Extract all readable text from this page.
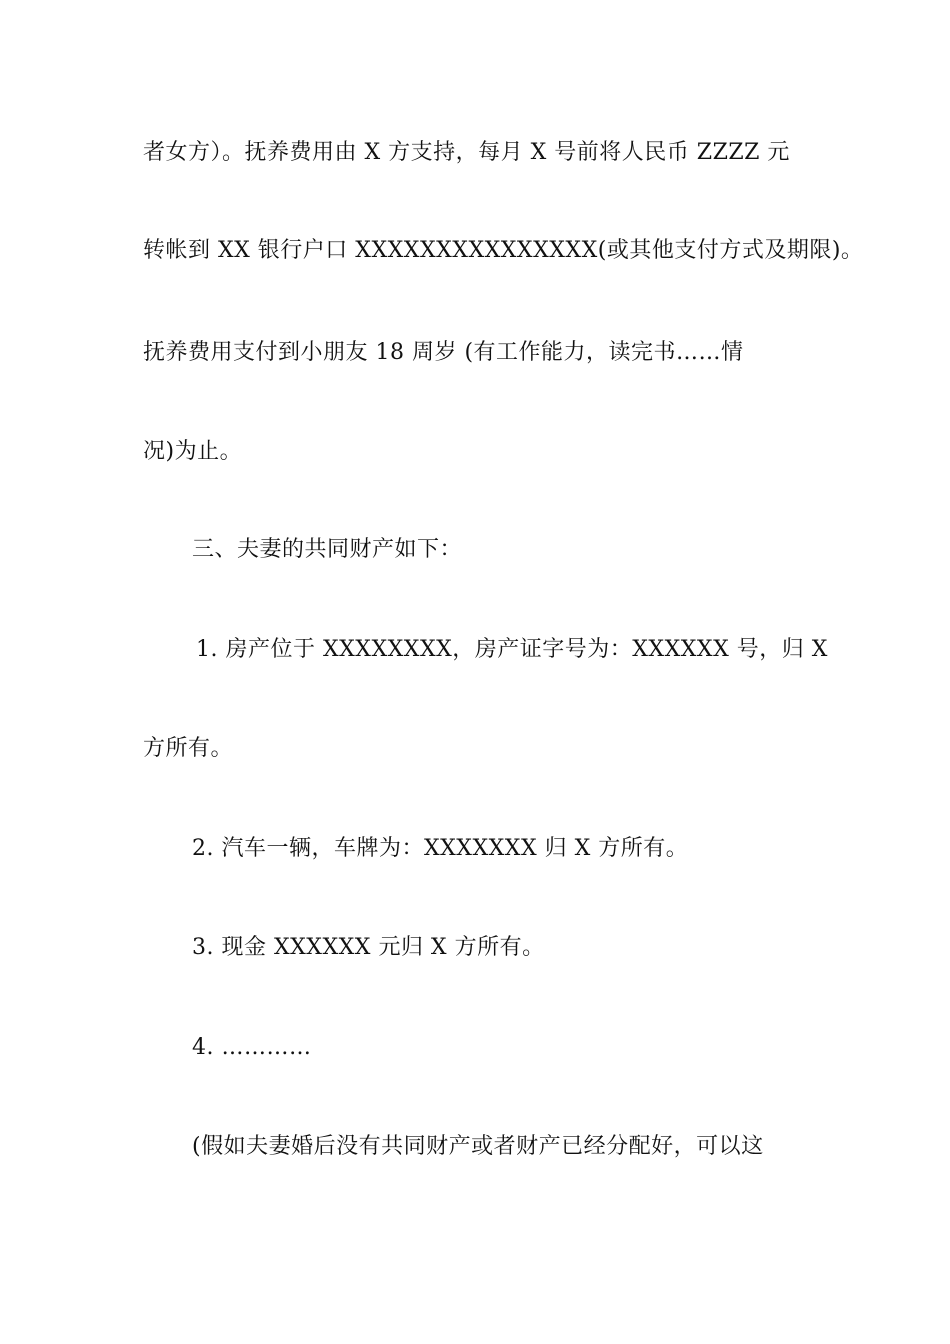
者女方）。抚养费用由 X 方支持，每月 X 号前将人民币 ZZZZ 元
转帐到 XX 银行户口 XXXXXXXXXXXXXXX(或其他支付方式及期限)。
抚养费用支付到小朋友 18 周岁 (有工作能力，读完书……情
况)为止。
三、夫妻的共同财产如下：
1. 房产位于 XXXXXXXX，房产证字号为：XXXXXX 号，归 X
方所有。
2. 汽车一辆，车牌为：XXXXXXX 归 X 方所有。
3. 现金 XXXXXX 元归 X 方所有。
4. …………
(假如夫妻婚后没有共同财产或者财产已经分配好，可以这
